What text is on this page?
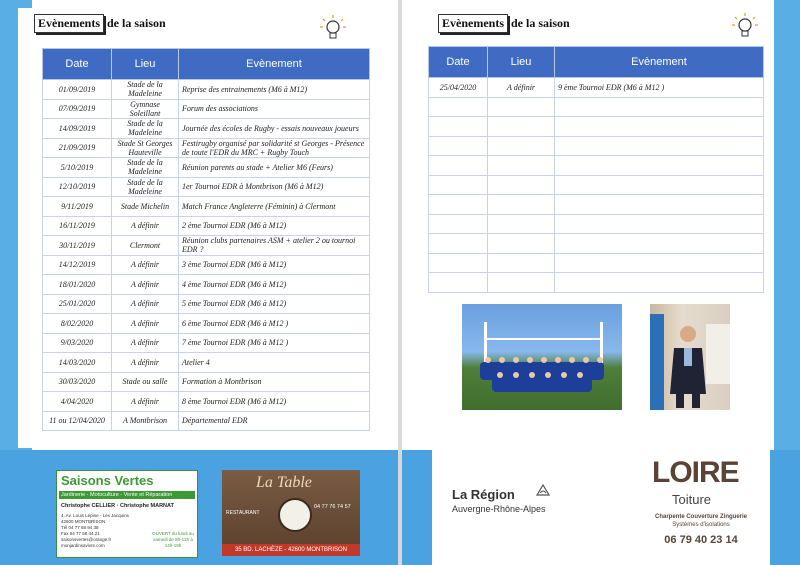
Evènements de la saison
Date	Lieu	Evènement
01/09/2019	Stade de la Madeleine	Reprise des entrainements (M6 à M12)
07/09/2019	Gymnase Soleillant	Forum des associations
14/09/2019	Stade de la Madeleine	Journée des écoles de Rugby - essais nouveaux joueurs
21/09/2019	Stade St Georges Hauteville	Festirugby organisé par solidarité st Georges - Présence de toute l'EDR du MRC + Rugby Touch
5/10/2019	Stade de la Madeleine	Réunion parents au stade + Atelier M6 (Feurs)
12/10/2019	Stade de la Madeleine	1er Tournoi EDR à Montbrison (M6 à M12)
9/11/2019	Stade Michelin	Match France Angleterre (Féminin) à Clermont
16/11/2019	A définir	2 ème Tournoi EDR (M6 à M12)
30/11/2019	Clermont	Réunion clubs partenaires ASM + atelier 2 ou tournoi EDR ?
14/12/2019	A définir	3 ème Tournoi EDR (M6 à M12)
18/01/2020	A définir	4 ème Tournoi EDR (M6 à M12)
25/01/2020	A définir	5 ème Tournoi EDR (M6 à M12)
8/02/2020	A définir	6 ème Tournoi EDR (M6 à M12 )
9/03/2020	A définir	7 ème Tournoi EDR (M6 à M12 )
14/03/2020	A définir	Atelier 4
30/03/2020	Stade ou salle	Formation à Montbrison
4/04/2020	A définir	8 ème Tournoi EDR (M6 à M12)
11 ou 12/04/2020	A Montbrison	Départemental EDR
Evènements de la saison
Date	Lieu	Evènement
25/04/2020	A définir	9 ème Tournoi EDR (M6 à M12 )

Saisons Vertes
Jardinerie - Motoculture - Vente et Réparation
Christophe CELLIER · Christophe MARNAT
4, Av. Louis Lépine - Les Jacquins
42600 MONTBRISON
Tél 04 77 58 94 38
Fax 04 77 58 44 21
saisonsvertes@orange.fr
monjardinsavivre.com
OUVERT du lundi au samedi de 8h-12h à 14h-19h
La Table
RESTAURANT
04 77 76 74 57
35 BD. LACHÈZE - 42600 MONTBRISON
La Région
Auvergne-Rhône-Alpes
LOIRE
Toiture
Charpente Couverture Zinguerie
Systèmes d'isolations
06 79 40 23 14
